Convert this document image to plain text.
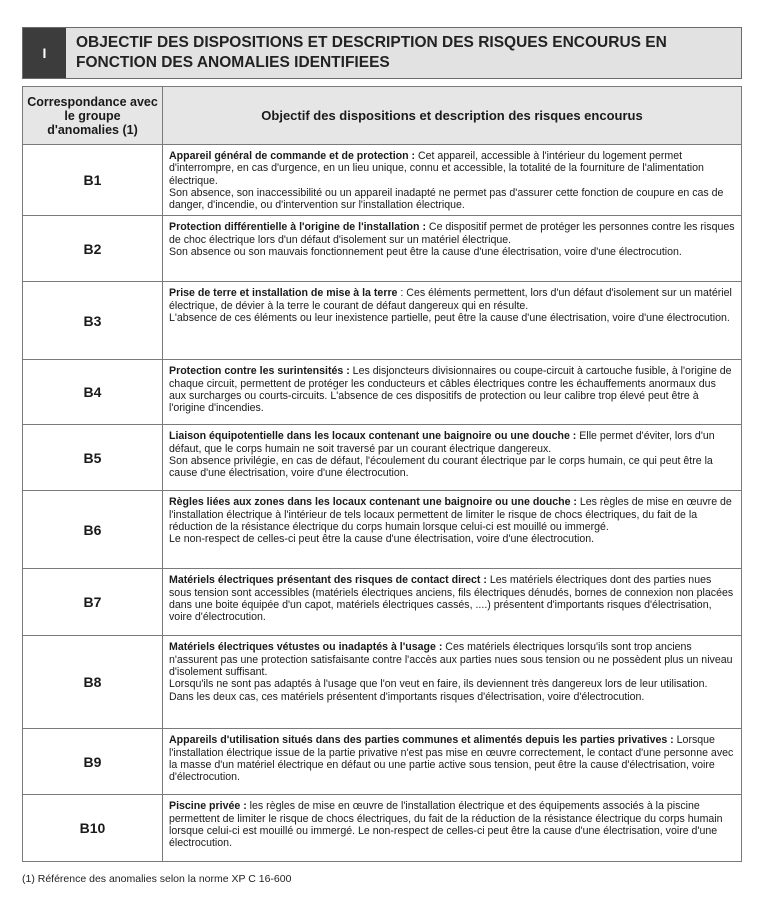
I
OBJECTIF DES DISPOSITIONS ET DESCRIPTION DES RISQUES ENCOURUS EN FONCTION DES ANOMALIES IDENTIFIEES
Correspondance avec le groupe d'anomalies (1)	Objectif des dispositions et description des risques encourus
B1	Appareil général de commande et de protection : Cet appareil, accessible à l'intérieur du logement permet d'interrompre, en cas d'urgence, en un lieu unique, connu et accessible, la totalité de la fourniture de l'alimentation électrique.
Son absence, son inaccessibilité ou un appareil inadapté ne permet pas d'assurer cette fonction de coupure en cas de danger, d'incendie, ou d'intervention sur l'installation électrique.
B2	Protection différentielle à l'origine de l'installation : Ce dispositif permet de protéger les personnes contre les risques de choc électrique lors d'un défaut d'isolement sur un matériel électrique.
Son absence ou son mauvais fonctionnement peut être la cause d'une électrisation, voire d'une électrocution.
B3	Prise de terre et installation de mise à la terre : Ces éléments permettent, lors d'un défaut d'isolement sur un matériel électrique, de dévier à la terre le courant de défaut dangereux qui en résulte.
L'absence de ces éléments ou leur inexistence partielle, peut être la cause d'une électrisation, voire d'une électrocution.
B4	Protection contre les surintensités : Les disjoncteurs divisionnaires ou coupe-circuit à cartouche fusible, à l'origine de chaque circuit, permettent de protéger les conducteurs et câbles électriques contre les échauffements anormaux dus aux surcharges ou courts-circuits. L'absence de ces dispositifs de protection ou leur calibre trop élevé peut être à l'origine d'incendies.
B5	Liaison équipotentielle dans les locaux contenant une baignoire ou une douche : Elle permet d'éviter, lors d'un défaut, que le corps humain ne soit traversé par un courant électrique dangereux.
Son absence privilégie, en cas de défaut, l'écoulement du courant électrique par le corps humain, ce qui peut être la cause d'une électrisation, voire d'une électrocution.
B6	Règles liées aux zones dans les locaux contenant une baignoire ou une douche : Les règles de mise en œuvre de l'installation électrique à l'intérieur de tels locaux permettent de limiter le risque de chocs électriques, du fait de la réduction de la résistance électrique du corps humain lorsque celui-ci est mouillé ou immergé.
Le non-respect de celles-ci peut être la cause d'une électrisation, voire d'une électrocution.
B7	Matériels électriques présentant des risques de contact direct : Les matériels électriques dont des parties nues sous tension sont accessibles (matériels électriques anciens, fils électriques dénudés, bornes de connexion non placées dans une boite équipée d'un capot, matériels électriques cassés, ....) présentent d'importants risques d'électrisation, voire d'électrocution.
B8	Matériels électriques vétustes ou inadaptés à l'usage : Ces matériels électriques lorsqu'ils sont trop anciens n'assurent pas une protection satisfaisante contre l'accès aux parties nues sous tension ou ne possèdent plus un niveau d'isolement suffisant.
Lorsqu'ils ne sont pas adaptés à l'usage que l'on veut en faire, ils deviennent très dangereux lors de leur utilisation. Dans les deux cas, ces matériels présentent d'importants risques d'électrisation, voire d'électrocution.
B9	Appareils d'utilisation situés dans des parties communes et alimentés depuis les parties privatives : Lorsque l'installation électrique issue de la partie privative n'est pas mise en œuvre correctement, le contact d'une personne avec la masse d'un matériel électrique en défaut ou une partie active sous tension, peut être la cause d'électrisation, voire d'électrocution.
B10	Piscine privée : les règles de mise en œuvre de l'installation électrique et des équipements associés à la piscine permettent de limiter le risque de chocs électriques, du fait de la réduction de la résistance électrique du corps humain lorsque celui-ci est mouillé ou immergé. Le non-respect de celles-ci peut être la cause d'une électrisation, voire d'une électrocution.
(1) Référence des anomalies selon la norme XP C 16-600
